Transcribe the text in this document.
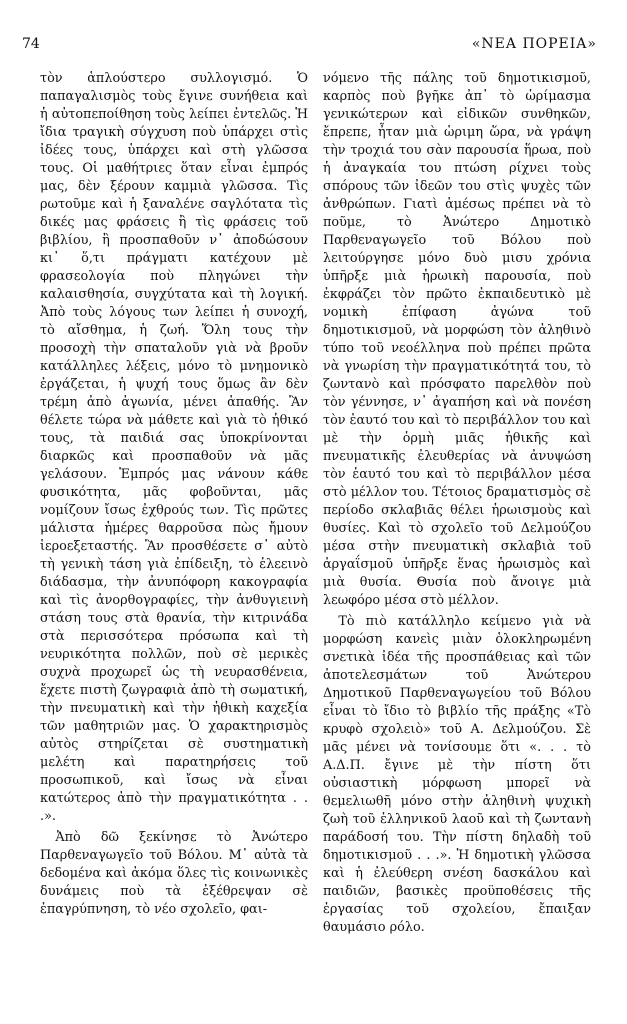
74	«ΝΕΑ ΠΟΡΕΙΑ»

τὸν ἁπλούστερο συλλογισμό. Ὁ παπαγαλισμὸς τοὺς ἔγινε συνήθεια καὶ ἡ αὐτοπεποίθηση τοὺς λείπει ἐντελῶς. Ἡ ἴδια τραγικὴ σύγχυση ποὺ ὑπάρχει στὶς ἰδέες τους, ὑπάρχει καὶ στὴ γλῶσσα τους. Οἱ μαθήτριες ὅταν εἶναι ἐμπρός μας, δὲν ξέρουν καμμιὰ γλῶσσα. Τὶς ρωτοῦμε καὶ ἡ ξαναλένε σαγλότατα τὶς δικές μας φράσεις ἢ τὶς φράσεις τοῦ βιβλίου, ἢ προσπαθοῦν ν᾿ ἀποδώσουν κι᾿ ὅ,τι πράγματι κατέχουν μὲ φρασεολογία ποὺ πληγώνει τὴν καλαισθησία, συγχύτατα καὶ τὴ λογική. Ἀπὸ τοὺς λόγους των λείπει ἡ συνοχή, τὸ αἴσθημα, ἡ ζωή. Ὅλη τους τὴν προσοχὴ τὴν σπαταλοῦν γιὰ νὰ βροῦν κατάλληλες λέξεις, μόνο τὸ μνημονικὸ ἐργάζεται, ἡ ψυχή τους ὅμως ἂν δὲν τρέμη ἀπὸ ἀγωνία, μένει ἀπαθής. Ἂν θέλετε τώρα νὰ μάθετε καὶ γιὰ τὸ ἠθικό τους, τὰ παιδιά σας ὑποκρίνονται διαρκῶς καὶ προσπαθοῦν νὰ μᾶς γελάσουν. Ἐμπρός μας νάνουν κάθε φυσικότητα, μᾶς φοβοῦνται, μᾶς νομίζουν ἴσως ἐχθρούς των. Τὶς πρῶτες μάλιστα ἡμέρες θαρροῦσα πὼς ἤμουν ἱεροεξεταστής. Ἂν προσθέσετε σ᾿ αὐτὸ τὴ γενικὴ τάση γιὰ ἐπίδειξη, τὸ ἐλεεινὸ διάδασμα, τὴν ἀνυπόφορη κακογραφία καὶ τὶς ἀνορθογραφίες, τὴν ἀνθυγιεινὴ στάση τους στὰ θρανία, τὴν κιτρινάδα στὰ περισσότερα πρόσωπα καὶ τὴ νευρικότητα πολλῶν, ποὺ σὲ μερικὲς συχνὰ προχωρεῖ ὡς τὴ νευρασθένεια, ἔχετε πιστὴ ζωγραφιὰ ἀπὸ τὴ σωματική, τὴν πνευματικὴ καὶ τὴν ἠθικὴ καχεξία τῶν μαθητριῶν μας. Ὁ χαρακτηρισμὸς αὐτὸς στηρίζεται σὲ συστηματικὴ μελέτη καὶ παρατηρήσεις τοῦ προσωπικοῦ, καὶ ἴσως νὰ εἶναι κατώτερος ἀπὸ τὴν πραγματικότητα . . .».

Ἀπὸ δῶ ξεκίνησε τὸ Ἀνώτερο Παρθεναγωγεῖο τοῦ Βόλου. Μ᾿ αὐτὰ τὰ δεδομένα καὶ ἀκόμα ὅλες τὶς κοινωνικὲς δυνάμεις ποὺ τὰ ἐξέθρεψαν σὲ ἐπαγρύπνηση, τὸ νέο σχολεῖο, φαι-

νόμενο τῆς πάλης τοῦ δημοτικισμοῦ, καρπὸς ποὺ βγῆκε ἀπ᾿ τὸ ὡρίμασμα γενικώτερων καὶ εἰδικῶν συνθηκῶν, ἔπρεπε, ἦταν μιὰ ὡριμη ὥρα, νὰ γράψη τὴν τροχιά του σὰν παρουσία ἥρωα, ποὺ ἡ ἀναγκαία του πτώση ρίχνει τοὺς σπόρους τῶν ἰδεῶν του στὶς ψυχὲς τῶν ἀνθρώπων. Γιατὶ ἀμέσως πρέπει νὰ τὸ ποῦμε, τὸ Ἀνώτερο Δημοτικὸ Παρθεναγωγεῖο τοῦ Βόλου ποὺ λειτούργησε μόνο δυὸ μισυ χρόνια ὑπῆρξε μιὰ ἡρωικὴ παρουσία, ποὺ ἐκφράζει τὸν πρῶτο ἐκπαιδευτικὸ μὲ νομικὴ ἐπίφαση ἀγώνα τοῦ δημοτικισμοῦ, νὰ μορφώση τὸν ἀληθινὸ τύπο τοῦ νεοέλληνα ποὺ πρέπει πρῶτα νὰ γνωρίση τὴν πραγματικότητά του, τὸ ζωντανὸ καὶ πρόσφατο παρελθὸν ποὺ τὸν γέννησε, ν᾿ ἀγαπήση καὶ νὰ πονέση τὸν ἑαυτό του καὶ τὸ περιβάλλον του καὶ μὲ τὴν ὁρμὴ μιᾶς ἠθικῆς καὶ πνευματικῆς ἐλευθερίας νὰ ἀνυψώση τὸν ἑαυτό του καὶ τὸ περιβάλλον μέσα στὸ μέλλον του. Τέτοιος δραματισμὸς σὲ περίοδο σκλαβιᾶς θέλει ἡρωισμοὺς καὶ θυσίες. Καὶ τὸ σχολεῖο τοῦ Δελμούζου μέσα στὴν πνευματικὴ σκλαβιὰ τοῦ ἀργαΐσμοῦ ὑπῆρξε ἕνας ἡρωισμὸς καὶ μιὰ θυσία. Θυσία ποὺ ἄνοιγε μιὰ λεωφόρο μέσα στὸ μέλλον.

Τὸ πιὸ κατάλληλο κείμενο γιὰ νὰ μορφώση κανεὶς μιὰν ὁλοκληρωμένη σνετικὰ ἰδέα τῆς προσπάθειας καὶ τῶν ἀποτελεσμάτων τοῦ Ἀνώτερου Δημοτικοῦ Παρθεναγωγείου τοῦ Βόλου εἶναι τὸ ἴδιο τὸ βιβλίο τῆς πράξης «Τὸ κρυφὸ σχολειὸ» τοῦ Α. Δελμούζου. Σὲ μᾶς μένει νὰ τονίσουμε ὅτι «. . . τὸ Α.Δ.Π. ἔγινε μὲ τὴν πίστη ὅτι οὐσιαστικὴ μόρφωση μπορεῖ νὰ θεμελιωθῆ μόνο στὴν ἀληθινὴ ψυχικὴ ζωὴ τοῦ ἑλληνικοῦ λαοῦ καὶ τὴ ζωντανὴ παράδοσή του. Τὴν πίστη δηλαδὴ τοῦ δημοτικισμοῦ . . .». Ἡ δημοτικὴ γλῶσσα καὶ ἡ ἐλεύθερη σνέση δασκάλου καὶ παιδιῶν, βασικὲς προϋποθέσεις τῆς ἐργασίας τοῦ σχολείου, ἔπαιξαν θαυμάσιο ρόλο.
